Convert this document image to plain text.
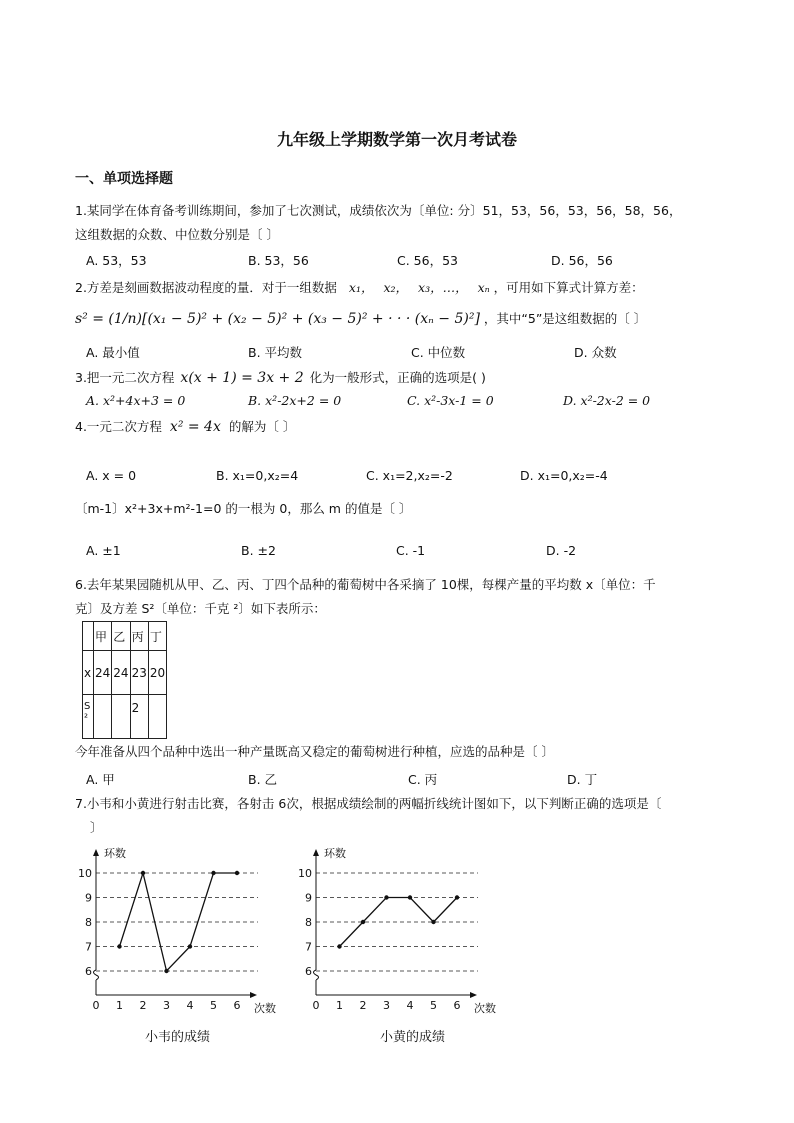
九年级上学期数学第一次月考试卷
一、单项选择题
1.某同学在体育备考训练期间，参加了七次测试，成绩依次为〔单位: 分〕51，53，56，53，56，58，56，
这组数据的众数、中位数分别是〔 〕
A. 53，53	B. 53，56	C. 56，53	D. 56，56
2.方差是刻画数据波动程度的量．对于一组数据 x₁， x₂， x₃，…， xₙ ，可用如下算式计算方差：
s² = (1/n)[(x₁ − 5)² + (x₂ − 5)² + (x₃ − 5)² + · · · (xₙ − 5)²] ，其中“5”是这组数据的〔 〕
A. 最小值	B. 平均数	C. 中位数	D. 众数
3.把一元二次方程 x(x + 1) = 3x + 2 化为一般形式，正确的选项是( )
A. x²+4x+3 = 0	B. x²-2x+2 = 0	C. x²-3x-1 = 0	D. x²-2x-2 = 0
4.一元二次方程 x² = 4x 的解为〔 〕
A. x = 0	B. x₁=0,x₂=4	C. x₁=2,x₂=-2	D. x₁=0,x₂=-4
〔m-1〕x²+3x+m²-1=0 的一根为 0，那么 m 的值是〔 〕
A. ±1	B. ±2	C. -1	D. -2
6.去年某果园随机从甲、乙、丙、丁四个品种的葡萄树中各采摘了 10棵，每棵产量的平均数 x〔单位：千
克〕及方差 S²〔单位：千克 ²〕如下表所示：
	甲	乙	丙	丁
x	24	24	23	20
S²			2	
今年准备从四个品种中选出一种产量既高又稳定的葡萄树进行种植，应选的品种是〔 〕
A. 甲	B. 乙	C. 丙	D. 丁
7.小韦和小黄进行射击比赛，各射击 6次，根据成绩绘制的两幅折线统计图如下，以下判断正确的选项是〔
〕
环数
次数
6
7
8
9
10
0 1 2 3 4 5 6
环数
次数
6
7
8
9
10
0 1 2 3 4 5 6
小韦的成绩	小黄的成绩
